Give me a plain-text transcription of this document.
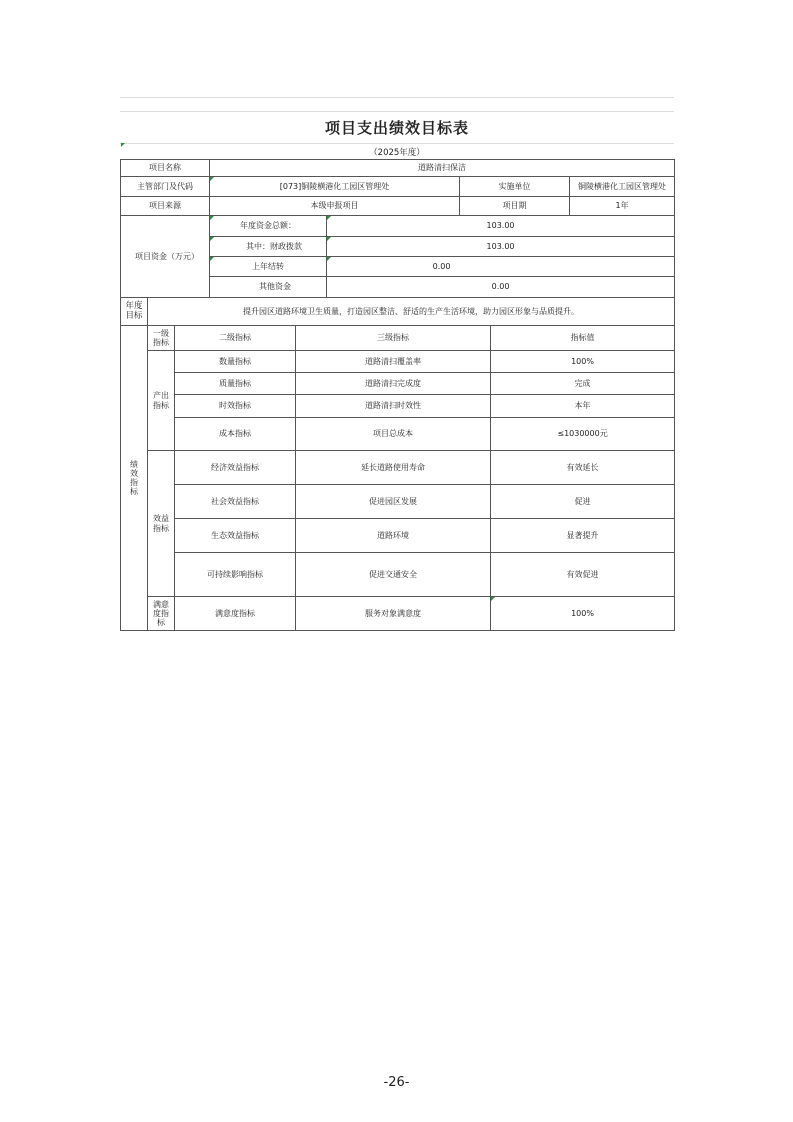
项目支出绩效目标表
（2025年度）
项目名称			道路清扫保洁					
主管部门及代码			[073]铜陵横港化工园区管理处			实施单位		铜陵横港化工园区管理处
项目来源			本级申报项目			项目期		1年
项目资金（万元）			年度资金总额：		103.00			
			其中：财政拨款		103.00			
			上年结转		0.00			
			其他资金		0.00			
年度目标	提升园区道路环境卫生质量，打造园区整洁、舒适的生产生活环境，助力园区形象与品质提升。							
绩效指标	一级指标	二级指标		三级指标			指标值	
	产出指标	数量指标		道路清扫覆盖率			100%	
		质量指标		道路清扫完成度			完成	
		时效指标		道路清扫时效性			本年	
		成本指标		项目总成本			≤1030000元	
	效益指标	经济效益指标		延长道路使用寿命			有效延长	
		社会效益指标		促进园区发展			促进	
		生态效益指标		道路环境			显著提升	
		可持续影响指标		促进交通安全			有效促进	
	满意度指标	满意度指标		服务对象满意度			100%	
-26-
